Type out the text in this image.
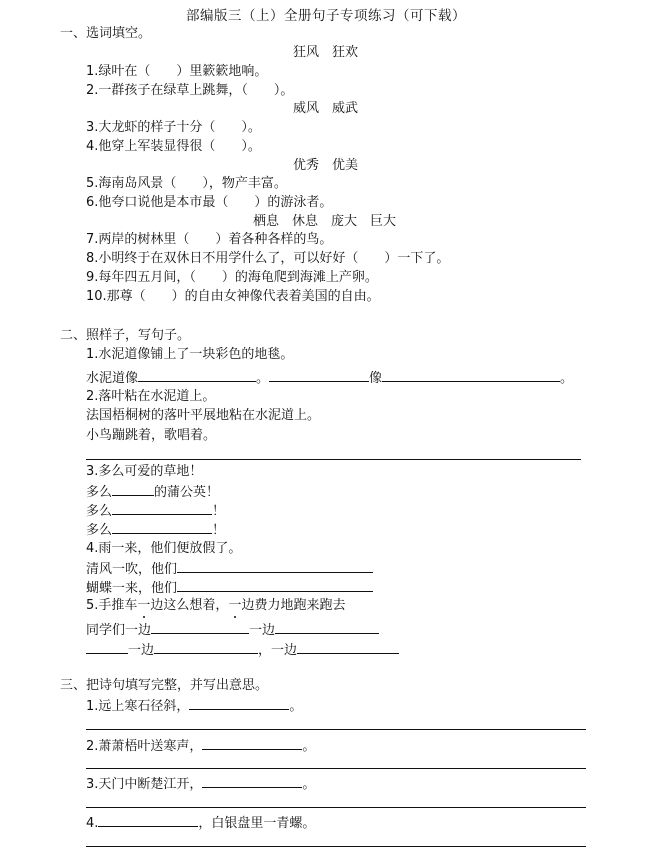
部编版三（上）全册句子专项练习（可下载）
一、选词填空。
狂风　狂欢
1.绿叶在（　　）里簌簌地响。
2.一群孩子在绿草上跳舞，（　　）。
威风　威武
3.大龙虾的样子十分（　　）。
4.他穿上军装显得很（　　）。
优秀　优美
5.海南岛风景（　　），物产丰富。
6.他夸口说他是本市最（　　）的游泳者。
栖息　休息　庞大　巨大
7.两岸的树林里（　　）着各种各样的鸟。
8.小明终于在双休日不用学什么了，可以好好（　　）一下了。
9.每年四五月间，（　　）的海龟爬到海滩上产卵。
10.那尊（　　）的自由女神像代表着美国的自由。
二、照样子，写句子。
1.水泥道像铺上了一块彩色的地毯。
水泥道像	。	像	。
2.落叶粘在水泥道上。
法国梧桐树的落叶平展地粘在水泥道上。
小鸟蹦跳着，歌唱着。
3.多么可爱的草地！
多么	的蒲公英！
多么	！
多么	！
4.雨一来，他们便放假了。
清风一吹，他们
蝴蝶一来，他们
5.手推车一边这么想着，一边费力地跑来跑去
同学们一边	一边
一边	，一边
三、把诗句填写完整，并写出意思。
1.远上寒石径斜，	。
2.萧萧梧叶送寒声，	。
3.天门中断楚江开，	。
4.	，白银盘里一青螺。
